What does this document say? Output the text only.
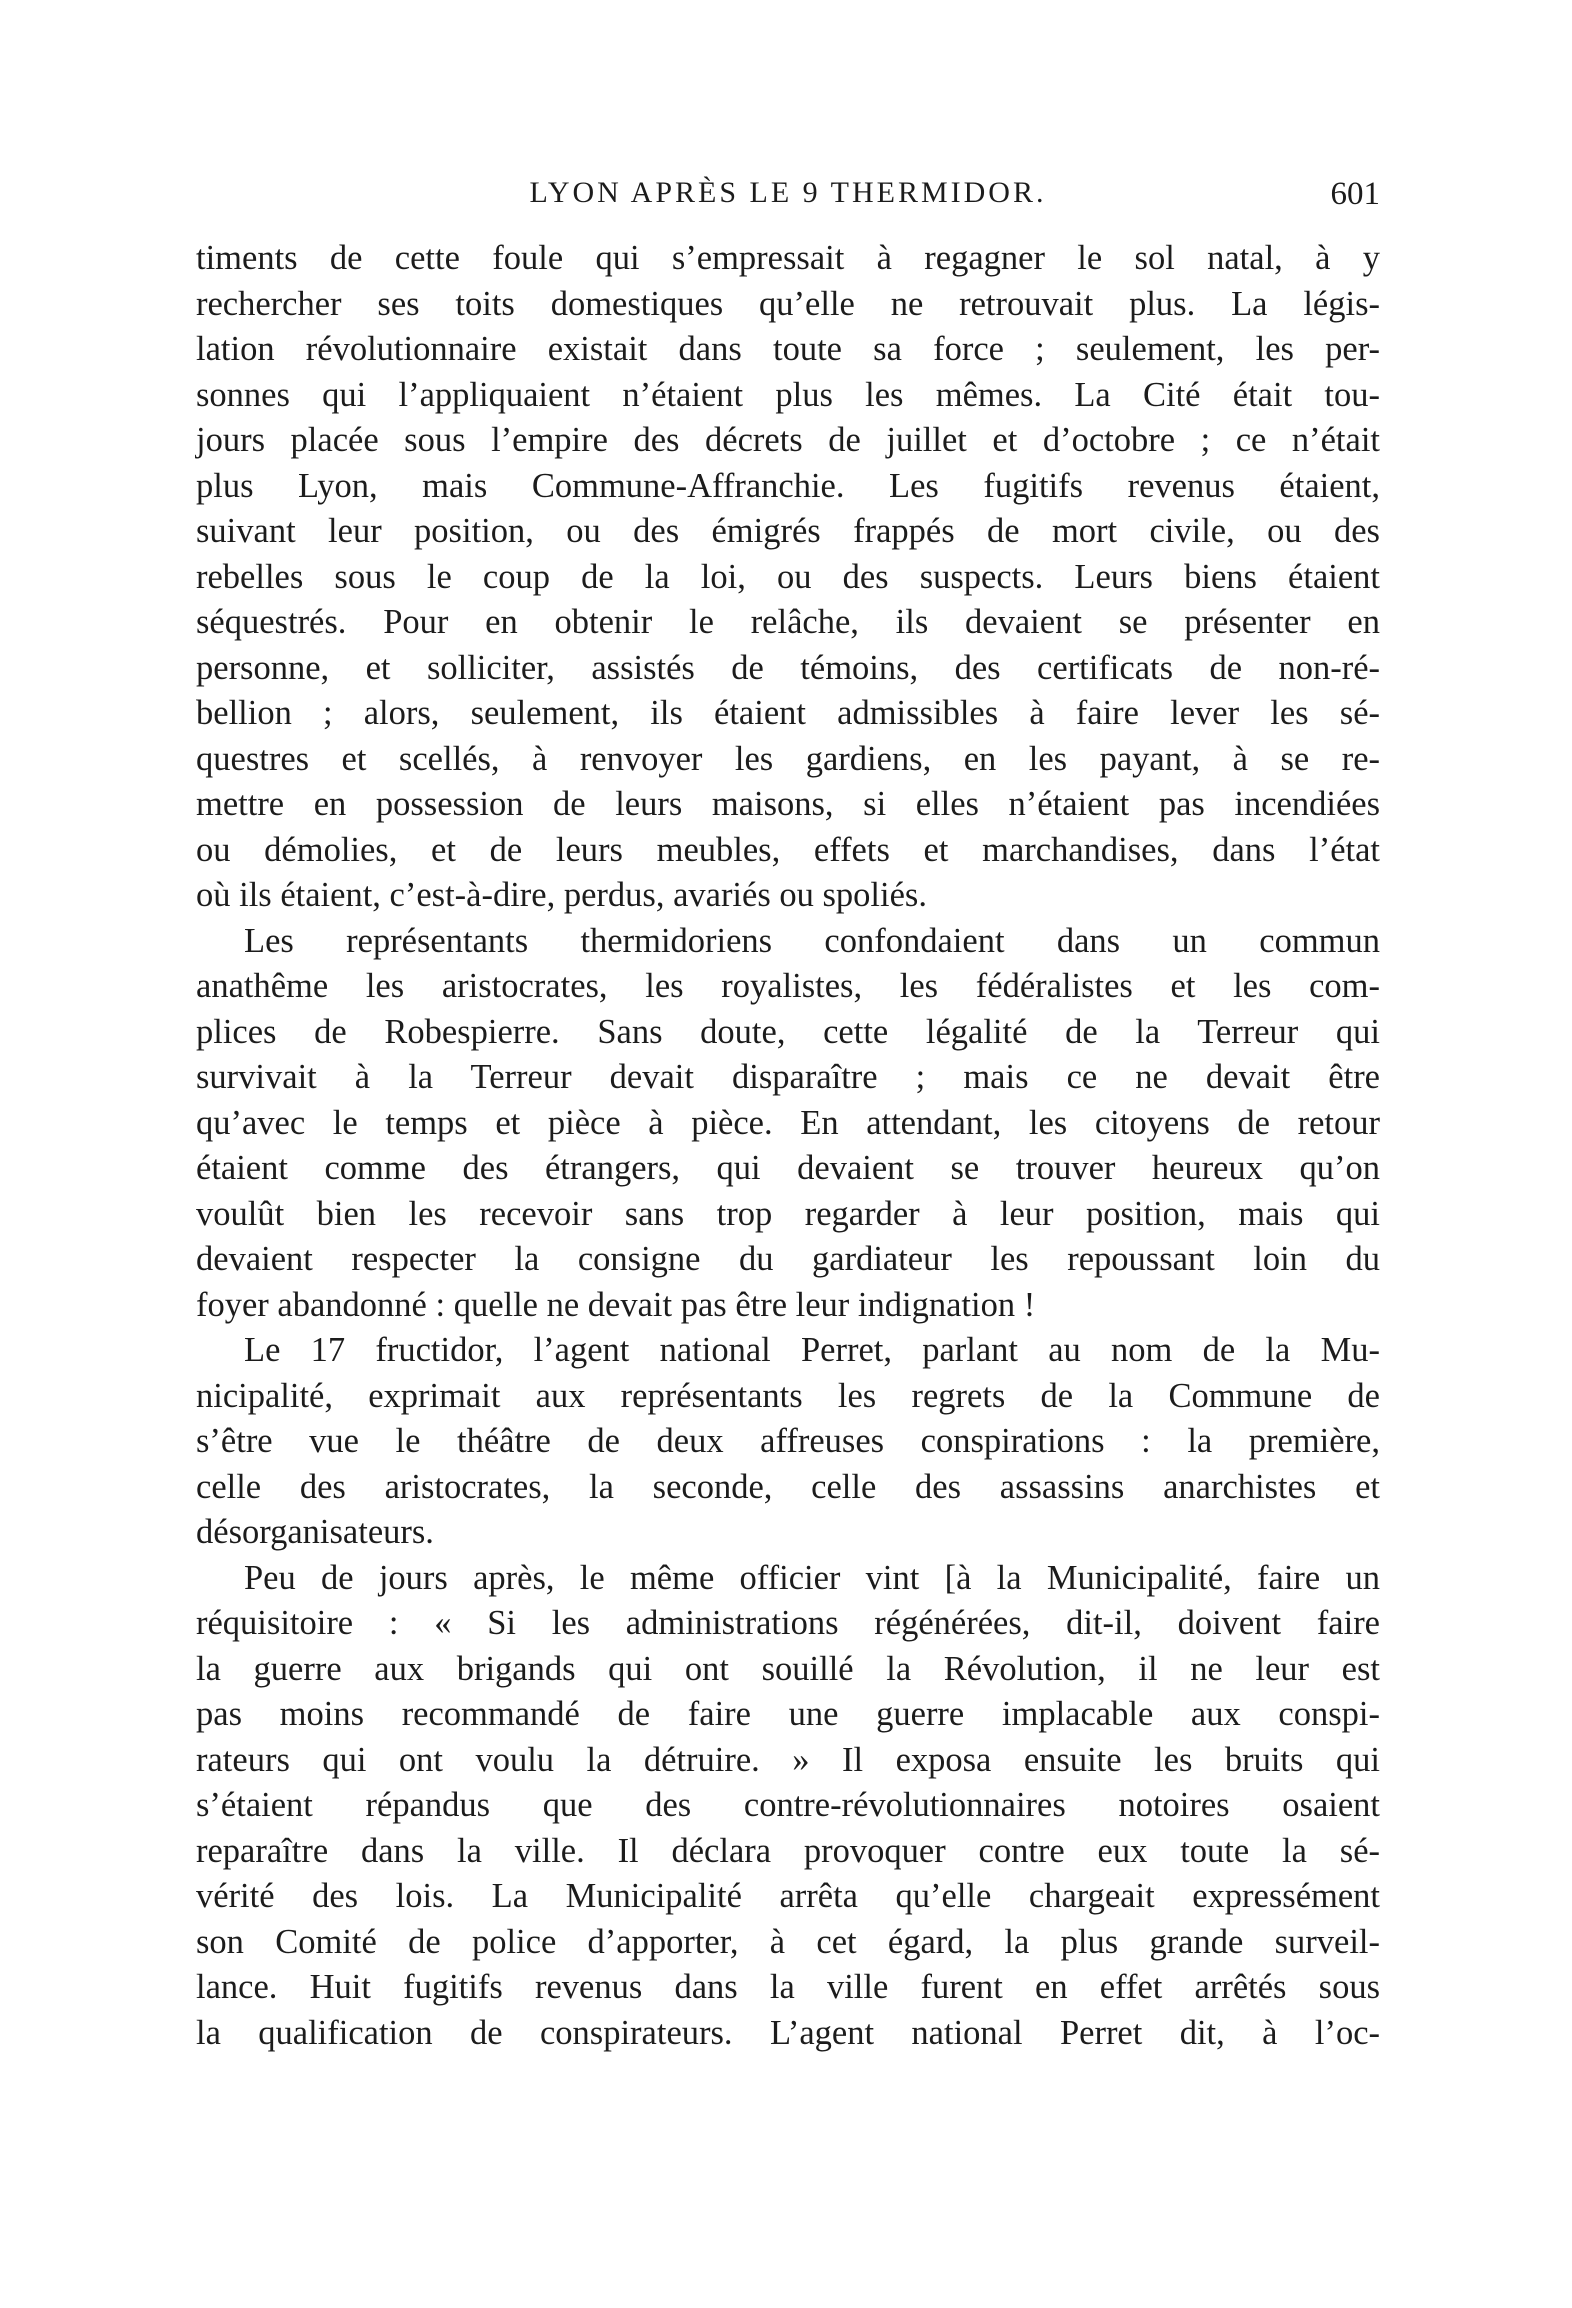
LYON APRÈS LE 9 THERMIDOR.	601
timents de cette foule qui s’empressait à regagner le sol natal, à y
rechercher ses toits domestiques qu’elle ne retrouvait plus. La légis-
lation révolutionnaire existait dans toute sa force ; seulement, les per-
sonnes qui l’appliquaient n’étaient plus les mêmes. La Cité était tou-
jours placée sous l’empire des décrets de juillet et d’octobre ; ce n’était
plus Lyon, mais Commune-Affranchie. Les fugitifs revenus étaient,
suivant leur position, ou des émigrés frappés de mort civile, ou des
rebelles sous le coup de la loi, ou des suspects. Leurs biens étaient
séquestrés. Pour en obtenir le relâche, ils devaient se présenter en
personne, et solliciter, assistés de témoins, des certificats de non-ré-
bellion ; alors, seulement, ils étaient admissibles à faire lever les sé-
questres et scellés, à renvoyer les gardiens, en les payant, à se re-
mettre en possession de leurs maisons, si elles n’étaient pas incendiées
ou démolies, et de leurs meubles, effets et marchandises, dans l’état
où ils étaient, c’est-à-dire, perdus, avariés ou spoliés.
Les représentants thermidoriens confondaient dans un commun
anathême les aristocrates, les royalistes, les fédéralistes et les com-
plices de Robespierre. Sans doute, cette légalité de la Terreur qui
survivait à la Terreur devait disparaître ; mais ce ne devait être
qu’avec le temps et pièce à pièce. En attendant, les citoyens de retour
étaient comme des étrangers, qui devaient se trouver heureux qu’on
voulût bien les recevoir sans trop regarder à leur position, mais qui
devaient respecter la consigne du gardiateur les repoussant loin du
foyer abandonné : quelle ne devait pas être leur indignation !
Le 17 fructidor, l’agent national Perret, parlant au nom de la Mu-
nicipalité, exprimait aux représentants les regrets de la Commune de
s’être vue le théâtre de deux affreuses conspirations : la première,
celle des aristocrates, la seconde, celle des assassins anarchistes et
désorganisateurs.
Peu de jours après, le même officier vint [à la Municipalité, faire un
réquisitoire : « Si les administrations régénérées, dit-il, doivent faire
la guerre aux brigands qui ont souillé la Révolution, il ne leur est
pas moins recommandé de faire une guerre implacable aux conspi-
rateurs qui ont voulu la détruire. » Il exposa ensuite les bruits qui
s’étaient répandus que des contre-révolutionnaires notoires osaient
reparaître dans la ville. Il déclara provoquer contre eux toute la sé-
vérité des lois. La Municipalité arrêta qu’elle chargeait expressément
son Comité de police d’apporter, à cet égard, la plus grande surveil-
lance. Huit fugitifs revenus dans la ville furent en effet arrêtés sous
la qualification de conspirateurs. L’agent national Perret dit, à l’oc-
